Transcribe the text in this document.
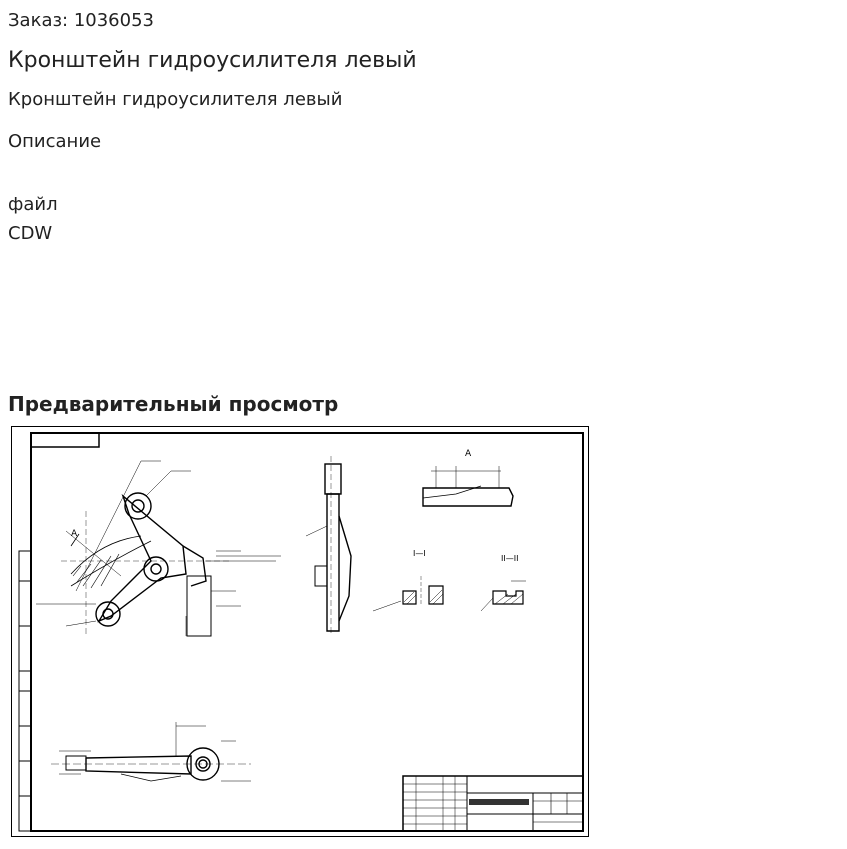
Заказ: 1036053
Кронштейн гидроусилителя левый
Кронштейн гидроусилителя левый
Описание
файл
CDW
Предварительный просмотр
А
А
I—I
II—II
